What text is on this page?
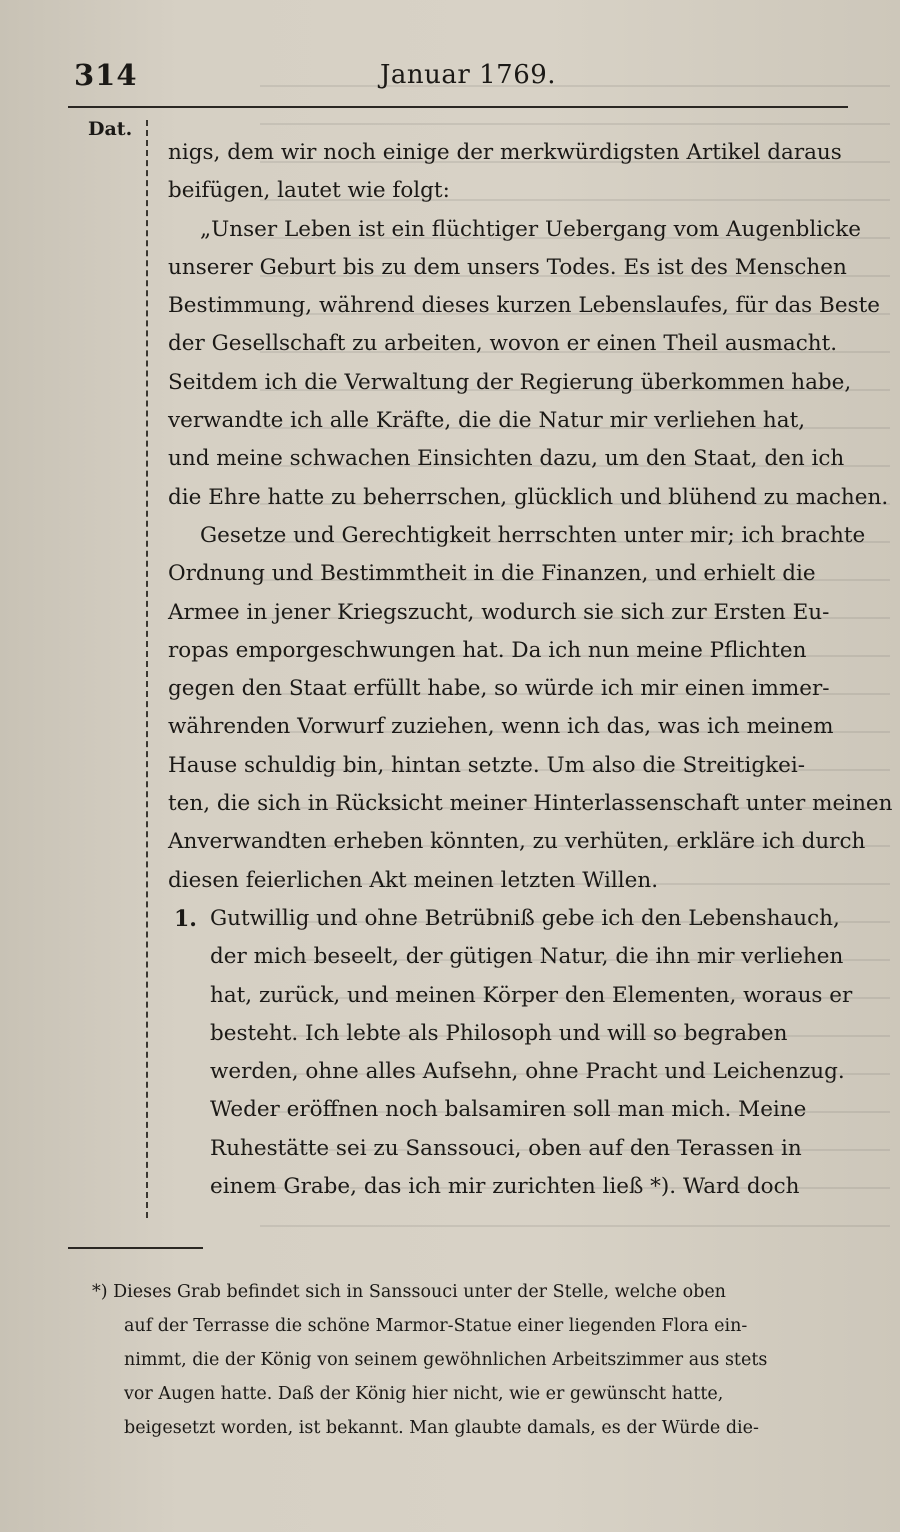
314	Januar 1769.
Dat.
nigs, dem wir noch einige der merkwürdigsten Artikel daraus
beifügen, lautet wie folgt:
„Unser Leben ist ein flüchtiger Uebergang vom Augenblicke
unserer Geburt bis zu dem unsers Todes. Es ist des Menschen
Bestimmung, während dieses kurzen Lebenslaufes, für das Beste
der Gesellschaft zu arbeiten, wovon er einen Theil ausmacht.
Seitdem ich die Verwaltung der Regierung überkommen habe,
verwandte ich alle Kräfte, die die Natur mir verliehen hat,
und meine schwachen Einsichten dazu, um den Staat, den ich
die Ehre hatte zu beherrschen, glücklich und blühend zu machen.
Gesetze und Gerechtigkeit herrschten unter mir; ich brachte
Ordnung und Bestimmtheit in die Finanzen, und erhielt die
Armee in jener Kriegszucht, wodurch sie sich zur Ersten Eu-
ropas emporgeschwungen hat. Da ich nun meine Pflichten
gegen den Staat erfüllt habe, so würde ich mir einen immer-
währenden Vorwurf zuziehen, wenn ich das, was ich meinem
Hause schuldig bin, hintan setzte. Um also die Streitigkei-
ten, die sich in Rücksicht meiner Hinterlassenschaft unter meinen
Anverwandten erheben könnten, zu verhüten, erkläre ich durch
diesen feierlichen Akt meinen letzten Willen.
1. Gutwillig und ohne Betrübniß gebe ich den Lebenshauch,
der mich beseelt, der gütigen Natur, die ihn mir verliehen
hat, zurück, und meinen Körper den Elementen, woraus er
besteht. Ich lebte als Philosoph und will so begraben
werden, ohne alles Aufsehn, ohne Pracht und Leichenzug.
Weder eröffnen noch balsamiren soll man mich. Meine
Ruhestätte sei zu Sanssouci, oben auf den Terassen in
einem Grabe, das ich mir zurichten ließ *). Ward doch
*) Dieses Grab befindet sich in Sanssouci unter der Stelle, welche oben
auf der Terrasse die schöne Marmor-Statue einer liegenden Flora ein-
nimmt, die der König von seinem gewöhnlichen Arbeitszimmer aus stets
vor Augen hatte. Daß der König hier nicht, wie er gewünscht hatte,
beigesetzt worden, ist bekannt. Man glaubte damals, es der Würde die-
